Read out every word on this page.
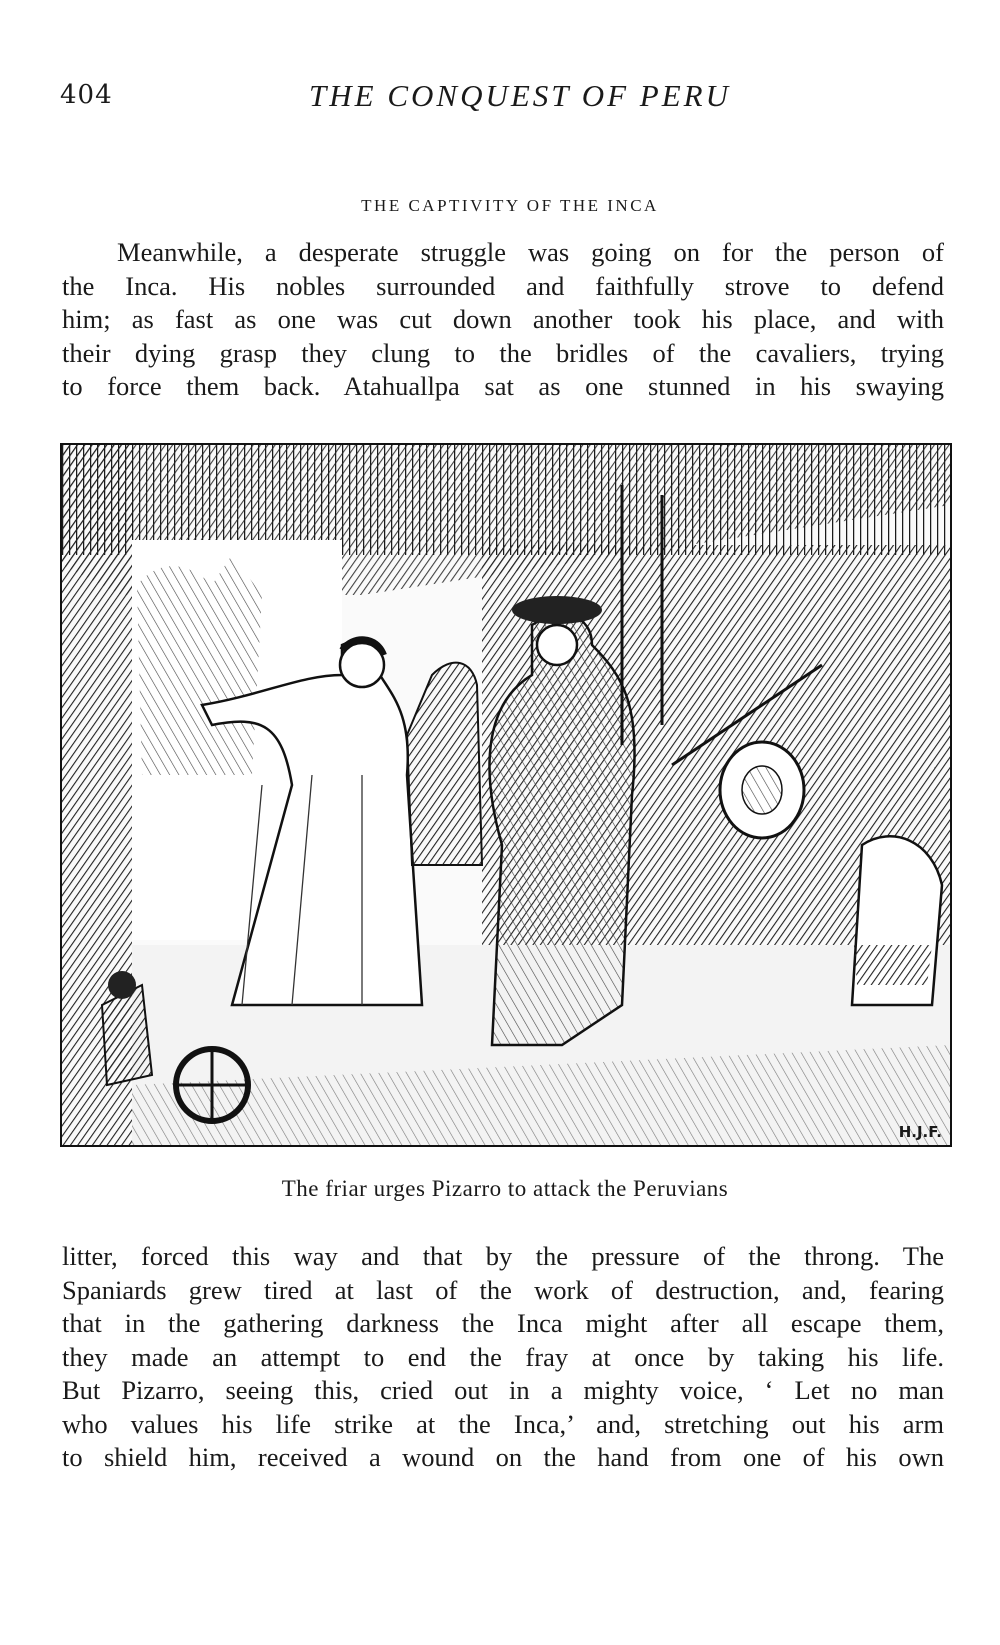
404	THE CONQUEST OF PERU
THE CAPTIVITY OF THE INCA
Meanwhile, a desperate struggle was going on for the person of
the Inca. His nobles surrounded and faithfully strove to defend
him; as fast as one was cut down another took his place, and with
their dying grasp they clung to the bridles of the cavaliers, trying
to force them back. Atahuallpa sat as one stunned in his swaying
H.J.F.
The friar urges Pizarro to attack the Peruvians
litter, forced this way and that by the pressure of the throng. The
Spaniards grew tired at last of the work of destruction, and, fearing
that in the gathering darkness the Inca might after all escape them,
they made an attempt to end the fray at once by taking his life.
But Pizarro, seeing this, cried out in a mighty voice, ‘ Let no man
who values his life strike at the Inca,’ and, stretching out his arm
to shield him, received a wound on the hand from one of his own
